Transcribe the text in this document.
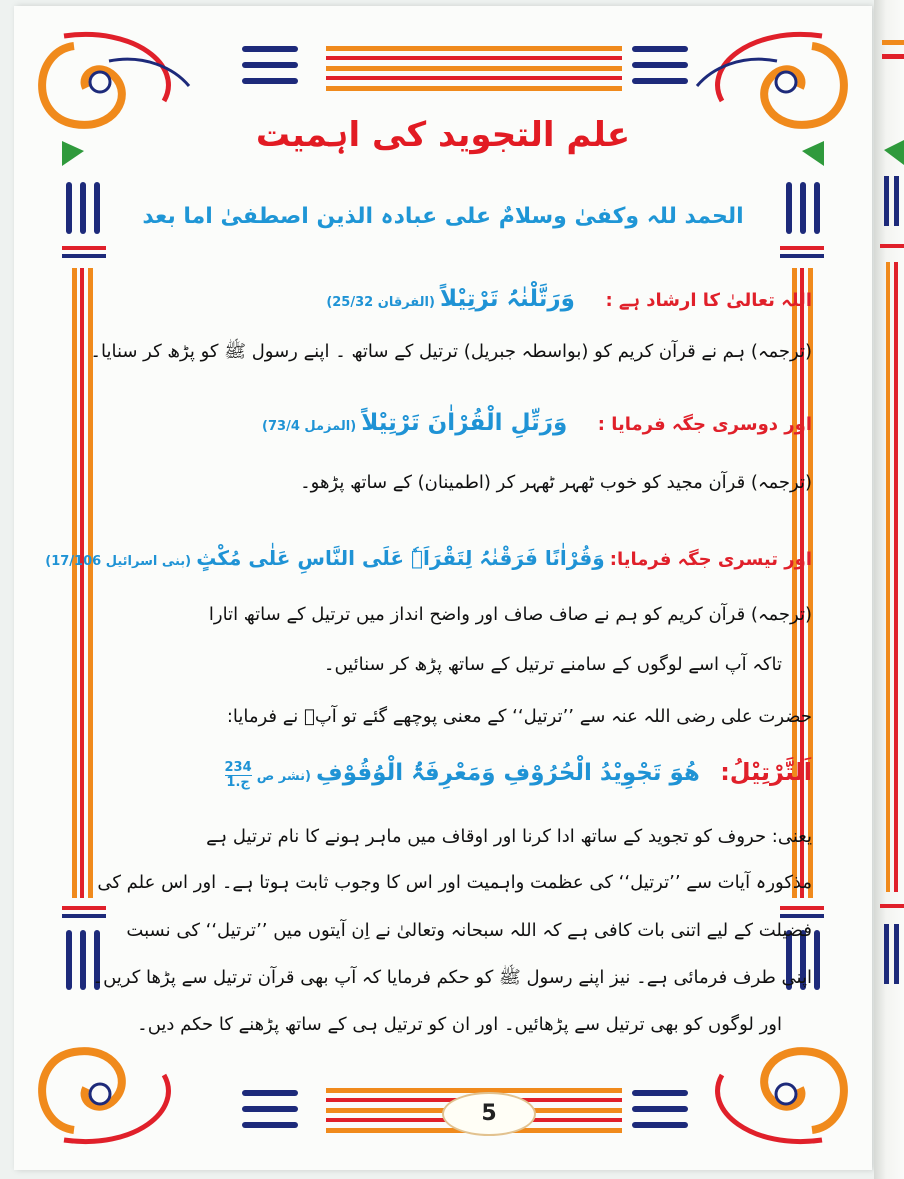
علم التجوید کی اہمیت
الحمد للہ وکفیٰ وسلامٌ علی عبادہ الذین اصطفیٰ اما بعد
اللہ تعالیٰ کا ارشاد ہے :      وَرَتَّلْنٰہُ تَرْتِیْلاً (الفرقان 25/32)
(ترجمہ) ہم نے قرآن کریم کو (بواسطہ جبریل) ترتیل کے ساتھ ۔ اپنے رسول ﷺ کو پڑھ کر سنایا۔
اور دوسری جگہ فرمایا :      وَرَتِّلِ الْقُرْاٰنَ تَرْتِیْلاً (المزمل 73/4)
(ترجمہ) قرآن مجید کو خوب ٹھہر ٹھہر کر (اطمینان) کے ساتھ پڑھو۔
اور تیسری جگہ فرمایا: وَقُرْاٰنًا فَرَقْنٰہُ لِتَقْرَاَہٗ عَلَی النَّاسِ عَلٰی مُکْثٍ (بنی اسرائیل 17/106)
(ترجمہ) قرآن کریم کو ہم نے صاف صاف اور واضح انداز میں ترتیل کے ساتھ اتارا
تاکہ آپ اسے لوگوں کے سامنے ترتیل کے ساتھ پڑھ کر سنائیں۔
حضرت علی رضی اللہ عنہ سے ’’ترتیل‘‘ کے معنی پوچھے گئے تو آپؓ نے فرمایا:
اَلتَّرْتِیْلُ:    ھُوَ تَجْوِیْدُ الْحُرُوْفِ وَمَعْرِفَۃُ الْوُقُوْفِ (نشر ص
$\frac{234}{\text{ج.1}}$
یعنی: حروف کو تجوید کے ساتھ ادا کرنا اور اوقاف میں ماہر ہونے کا نام ترتیل ہے
مذکورہ آیات سے ’’ترتیل‘‘ کی عظمت واہمیت اور اس کا وجوب ثابت ہوتا ہے۔ اور اس علم کی
فضیلت کے لیے اتنی بات کافی ہے کہ اللہ سبحانہ وتعالیٰ نے اِن آیتوں میں ’’ترتیل‘‘ کی نسبت
اپنی طرف فرمائی ہے۔ نیز اپنے رسول ﷺ کو حکم فرمایا کہ آپ بھی قرآن ترتیل سے پڑھا کریں۔
اور لوگوں کو بھی ترتیل سے پڑھائیں۔ اور ان کو ترتیل ہی کے ساتھ پڑھنے کا حکم دیں۔
5
